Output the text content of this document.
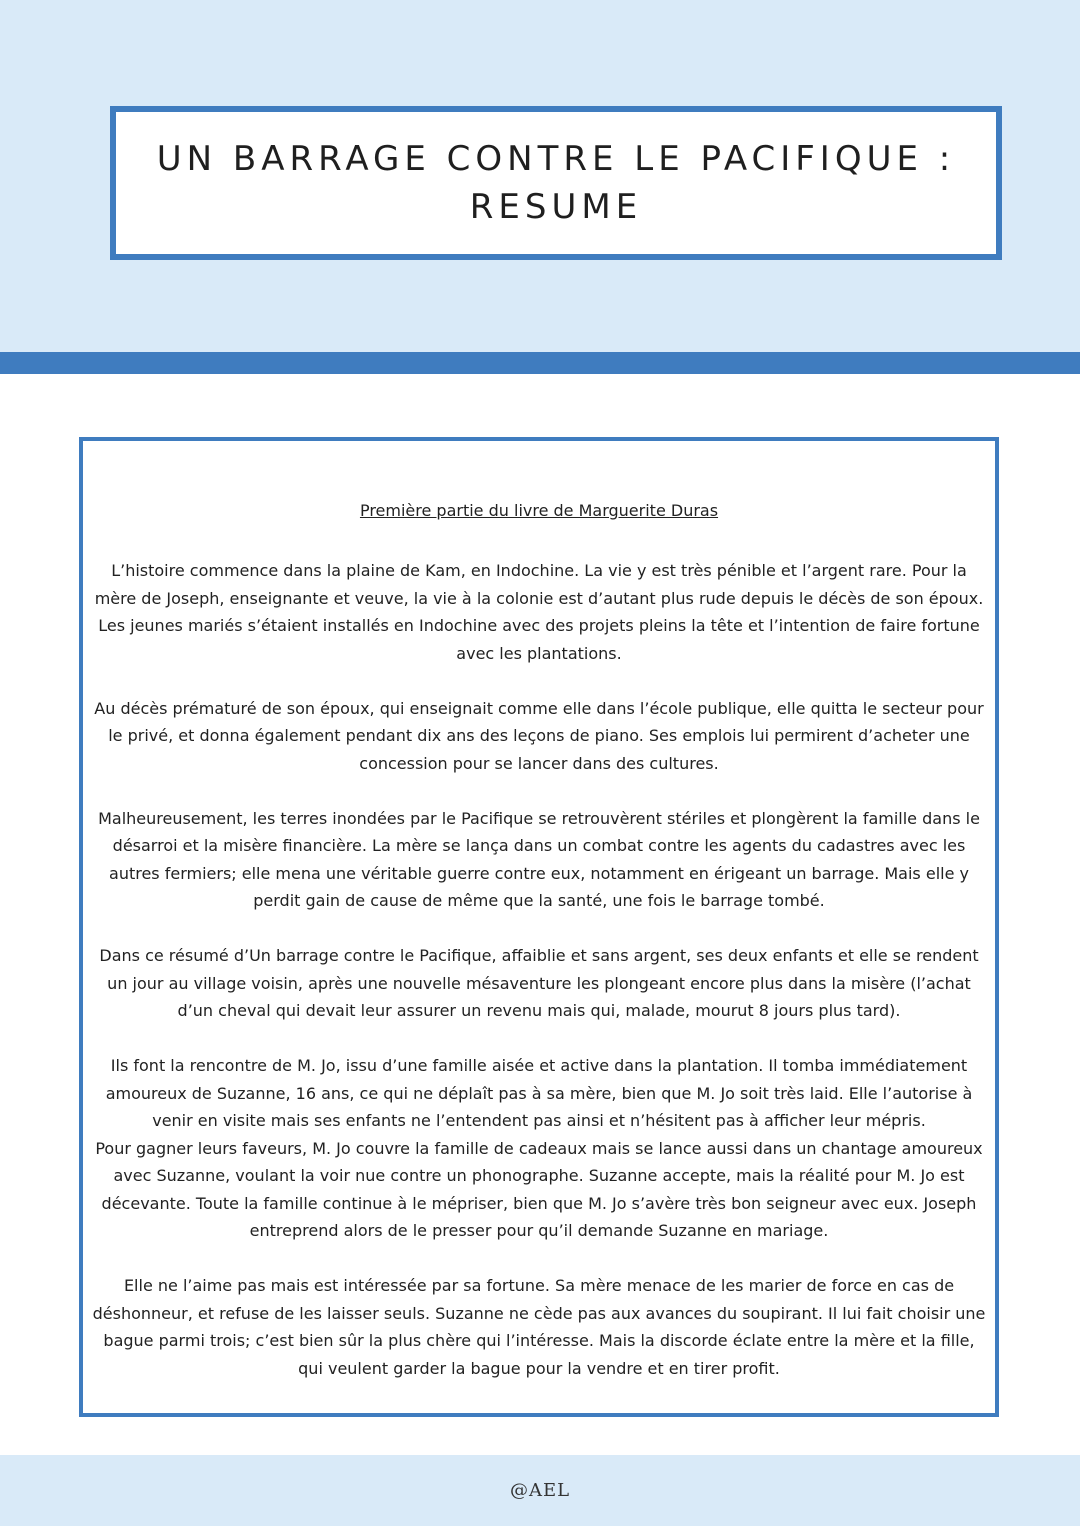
UN BARRAGE CONTRE LE PACIFIQUE :
RESUME
Première partie du livre de Marguerite Duras

L’histoire commence dans la plaine de Kam, en Indochine. La vie y est très pénible et l’argent rare. Pour la
mère de Joseph, enseignante et veuve, la vie à la colonie est d’autant plus rude depuis le décès de son époux.
Les jeunes mariés s’étaient installés en Indochine avec des projets pleins la tête et l’intention de faire fortune
avec les plantations.

Au décès prématuré de son époux, qui enseignait comme elle dans l’école publique, elle quitta le secteur pour
le privé, et donna également pendant dix ans des leçons de piano. Ses emplois lui permirent d’acheter une
concession pour se lancer dans des cultures.

Malheureusement, les terres inondées par le Pacifique se retrouvèrent stériles et plongèrent la famille dans le
désarroi et la misère financière. La mère se lança dans un combat contre les agents du cadastres avec les
autres fermiers; elle mena une véritable guerre contre eux, notamment en érigeant un barrage. Mais elle y
perdit gain de cause de même que la santé, une fois le barrage tombé.

Dans ce résumé d’Un barrage contre le Pacifique, affaiblie et sans argent, ses deux enfants et elle se rendent
un jour au village voisin, après une nouvelle mésaventure les plongeant encore plus dans la misère (l’achat
d’un cheval qui devait leur assurer un revenu mais qui, malade, mourut 8 jours plus tard).

Ils font la rencontre de M. Jo, issu d’une famille aisée et active dans la plantation. Il tomba immédiatement
amoureux de Suzanne, 16 ans, ce qui ne déplaît pas à sa mère, bien que M. Jo soit très laid. Elle l’autorise à
venir en visite mais ses enfants ne l’entendent pas ainsi et n’hésitent pas à afficher leur mépris.
Pour gagner leurs faveurs, M. Jo couvre la famille de cadeaux mais se lance aussi dans un chantage amoureux
avec Suzanne, voulant la voir nue contre un phonographe. Suzanne accepte, mais la réalité pour M. Jo est
décevante. Toute la famille continue à le mépriser, bien que M. Jo s’avère très bon seigneur avec eux. Joseph
entreprend alors de le presser pour qu’il demande Suzanne en mariage.

Elle ne l’aime pas mais est intéressée par sa fortune. Sa mère menace de les marier de force en cas de
déshonneur, et refuse de les laisser seuls. Suzanne ne cède pas aux avances du soupirant. Il lui fait choisir une
bague parmi trois; c’est bien sûr la plus chère qui l’intéresse. Mais la discorde éclate entre la mère et la fille,
qui veulent garder la bague pour la vendre et en tirer profit.

@AEL
